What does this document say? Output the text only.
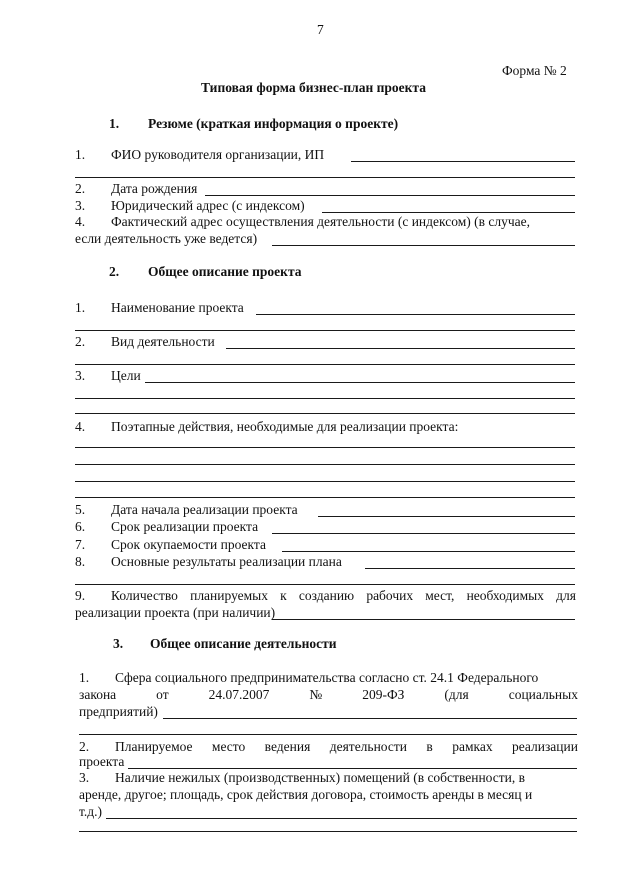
7
Форма № 2
Типовая форма бизнес-план проекта
1. Резюме (краткая информация о проекте)
1. ФИО руководителя организации, ИП
2. Дата рождения
3. Юридический адрес (с индексом)
4. Фактический адрес осуществления деятельности (с индексом) (в случае,
если деятельность уже ведется)
2. Общее описание проекта
1. Наименование проекта
2. Вид деятельности
3. Цели
4. Поэтапные действия, необходимые для реализации проекта:
5. Дата начала реализации проекта
6. Срок реализации проекта
7. Срок окупаемости проекта
8. Основные результаты реализации плана
9. Количество планируемых к созданию рабочих мест, необходимых для
реализации проекта (при наличии)
3. Общее описание деятельности
1. Сфера социального предпринимательства согласно ст. 24.1 Федерального
закона	от	24.07.2007	№	209-ФЗ	(для	социальных
предприятий)
2. Планируемое место ведения деятельности в рамках реализации
проекта
3. Наличие нежилых (производственных) помещений (в собственности, в
аренде, другое; площадь, срок действия договора, стоимость аренды в месяц и
т.д.)
